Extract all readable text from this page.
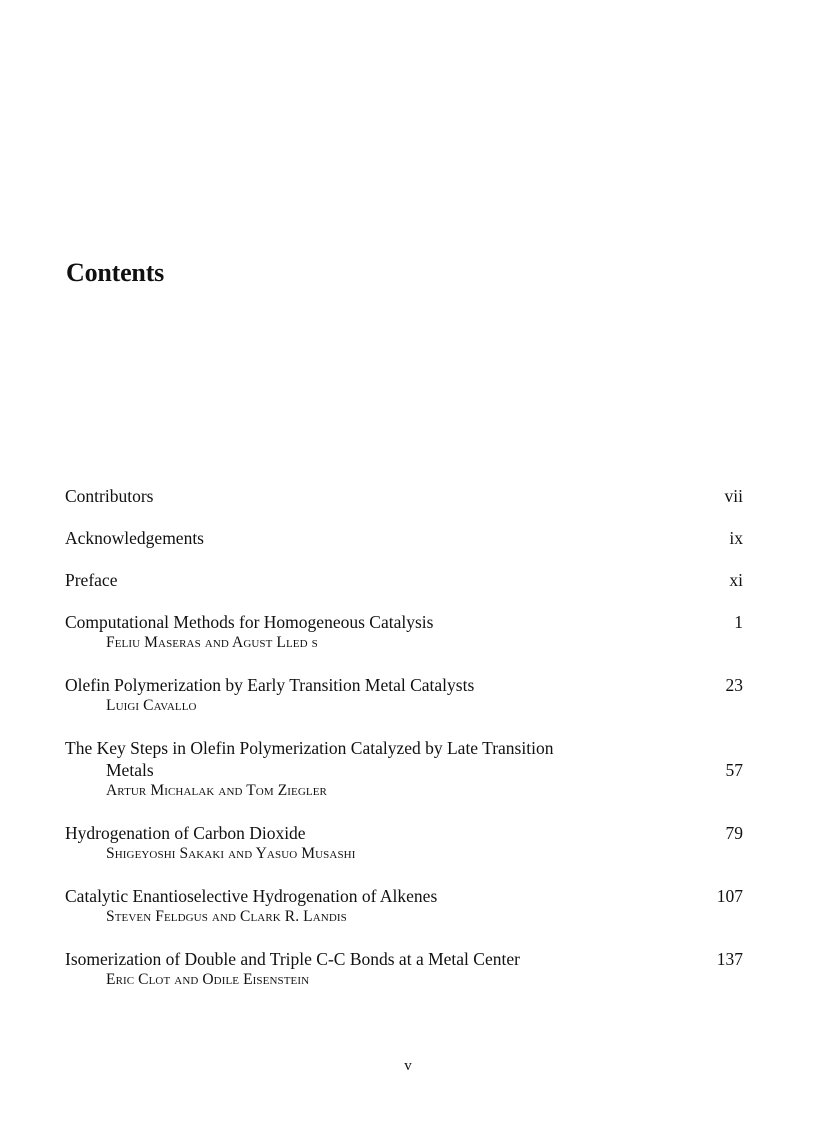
Contents
Contributors	vii
Acknowledgements	ix
Preface	xi
Computational Methods for Homogeneous Catalysis	1
Feliu Maseras and Agust Lled s
Olefin Polymerization by Early Transition Metal Catalysts	23
Luigi Cavallo
The Key Steps in Olefin Polymerization Catalyzed by Late Transition
Metals	57
Artur Michalak and Tom Ziegler
Hydrogenation of Carbon Dioxide	79
Shigeyoshi Sakaki and Yasuo Musashi
Catalytic Enantioselective Hydrogenation of Alkenes	107
Steven Feldgus and Clark R. Landis
Isomerization of Double and Triple C-C Bonds at a Metal Center	137
Eric Clot and Odile Eisenstein
v
